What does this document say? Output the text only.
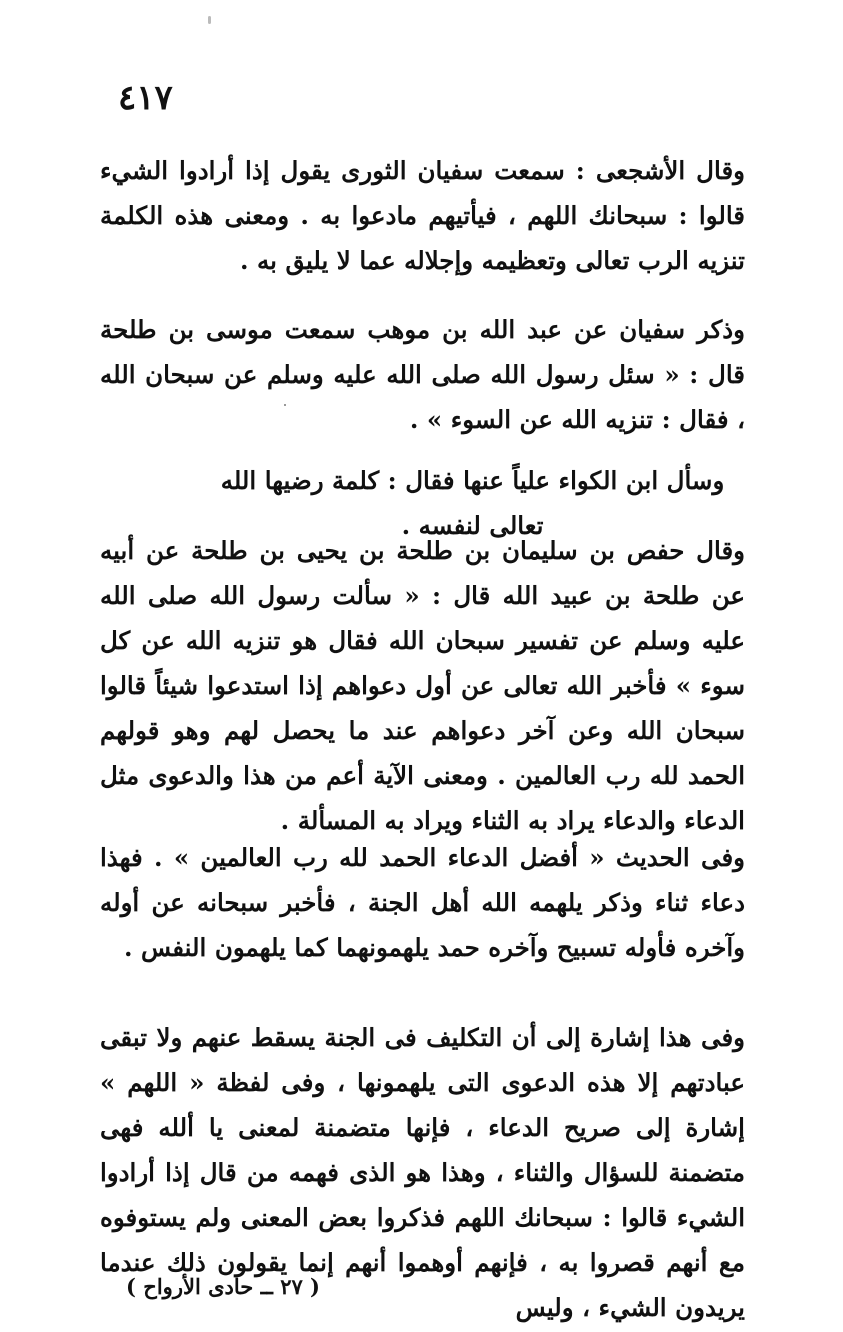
٤١٧
وقال الأشجعى : سمعت سفيان الثورى يقول إذا أرادوا الشيء قالوا : سبحانك اللهم ، فيأتيهم مادعوا به . ومعنى هذه الكلمة تنزيه الرب تعالى وتعظيمه وإجلاله عما لا يليق به .
وذكر سفيان عن عبد الله بن موهب سمعت موسى بن طلحة قال : « سئل رسول الله صلى الله عليه وسلم عن سبحان الله ، فقال : تنزيه الله عن السوء » .
وسأل ابن الكواء علياً عنها فقال : كلمة رضيها الله تعالى لنفسه .
وقال حفص بن سليمان بن طلحة بن يحيى بن طلحة عن أبيه عن طلحة بن عبيد الله قال : « سألت رسول الله صلى الله عليه وسلم عن تفسير سبحان الله فقال هو تنزيه الله عن كل سوء » فأخبر الله تعالى عن أول دعواهم إذا استدعوا شيئاً قالوا سبحان الله وعن آخر دعواهم عند ما يحصل لهم وهو قولهم الحمد لله رب العالمين . ومعنى الآية أعم من هذا والدعوى مثل الدعاء والدعاء يراد به الثناء ويراد به المسألة .
وفى الحديث « أفضل الدعاء الحمد لله رب العالمين » . فهذا دعاء ثناء وذكر يلهمه الله أهل الجنة ، فأخبر سبحانه عن أوله وآخره فأوله تسبيح وآخره حمد يلهمونهما كما يلهمون النفس .
وفى هذا إشارة إلى أن التكليف فى الجنة يسقط عنهم ولا تبقى عبادتهم إلا هذه الدعوى التى يلهمونها ، وفى لفظة « اللهم » إشارة إلى صريح الدعاء ، فإنها متضمنة لمعنى يا ألله فهى متضمنة للسؤال والثناء ، وهذا هو الذى فهمه من قال إذا أرادوا الشيء قالوا : سبحانك اللهم فذكروا بعض المعنى ولم يستوفوه مع أنهم قصروا به ، فإنهم أوهموا أنهم إنما يقولون ذلك عندما يريدون الشيء ، وليس
( ٢٧ ــ حادى الأرواح )
